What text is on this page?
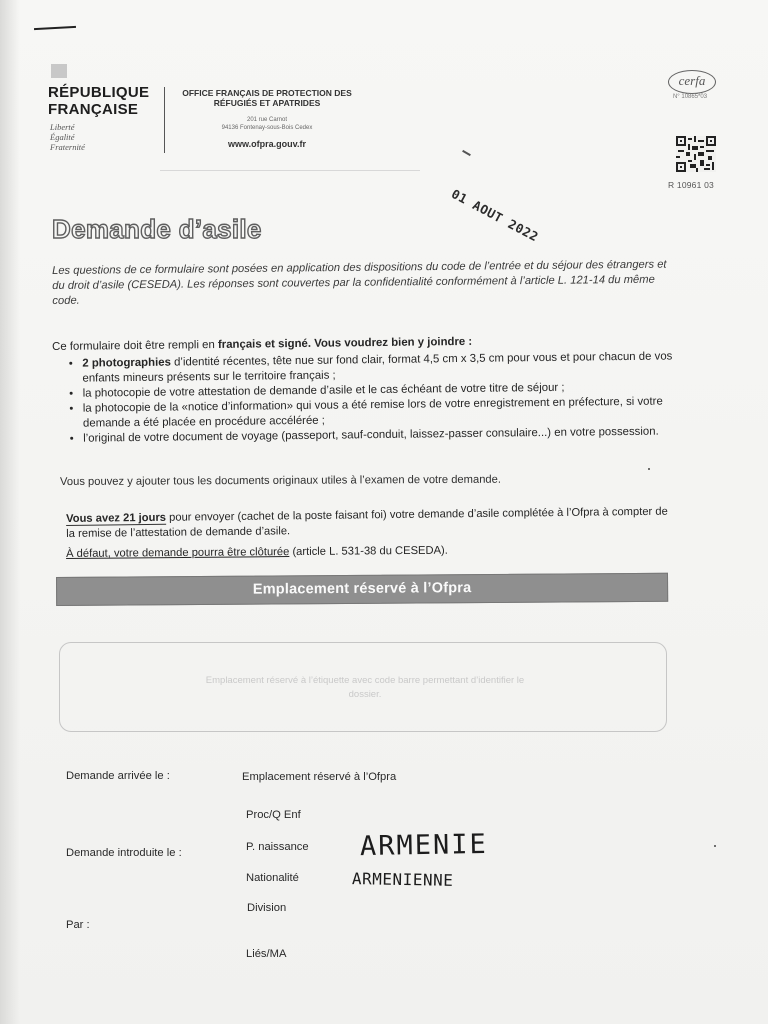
RÉPUBLIQUE
FRANÇAISE
Liberté
Égalité
Fraternité
OFFICE FRANÇAIS DE PROTECTION DES RÉFUGIÉS ET APATRIDES
201 rue Carnot
94136 Fontenay-sous-Bois Cedex
www.ofpra.gouv.fr
cerfa
N° 10865*03
R 10961 03
01 AOUT 2022
Demande d’asile
Les questions de ce formulaire sont posées en application des dispositions du code de l’entrée et du séjour des étrangers et du droit d’asile (CESEDA). Les réponses sont couvertes par la confidentialité conformément à l’article L. 121-14 du même code.
Ce formulaire doit être rempli en français et signé. Vous voudrez bien y joindre :
• 2 photographies d’identité récentes, tête nue sur fond clair, format 4,5 cm x 3,5 cm pour vous et pour chacun de vos enfants mineurs présents sur le territoire français ;
• la photocopie de votre attestation de demande d’asile et le cas échéant de votre titre de séjour ;
• la photocopie de la «notice d’information» qui vous a été remise lors de votre enregistrement en préfecture, si votre demande a été placée en procédure accélérée ;
• l’original de votre document de voyage (passeport, sauf-conduit, laissez-passer consulaire...) en votre possession.
Vous pouvez y ajouter tous les documents originaux utiles à l’examen de votre demande.
Vous avez 21 jours pour envoyer (cachet de la poste faisant foi) votre demande d’asile complétée à l’Ofpra à compter de la remise de l’attestation de demande d’asile.
À défaut, votre demande pourra être clôturée (article L. 531-38 du CESEDA).
Emplacement réservé à l’Ofpra
Emplacement réservé à l’étiquette avec code barre permettant d’identifier le dossier.
Demande arrivée le :	Emplacement réservé à l’Ofpra
Proc/Q Enf
Demande introduite le :	P. naissance ARMENIE
Nationalité	ARMENIENNE
Division
Par :
Liés/MA
